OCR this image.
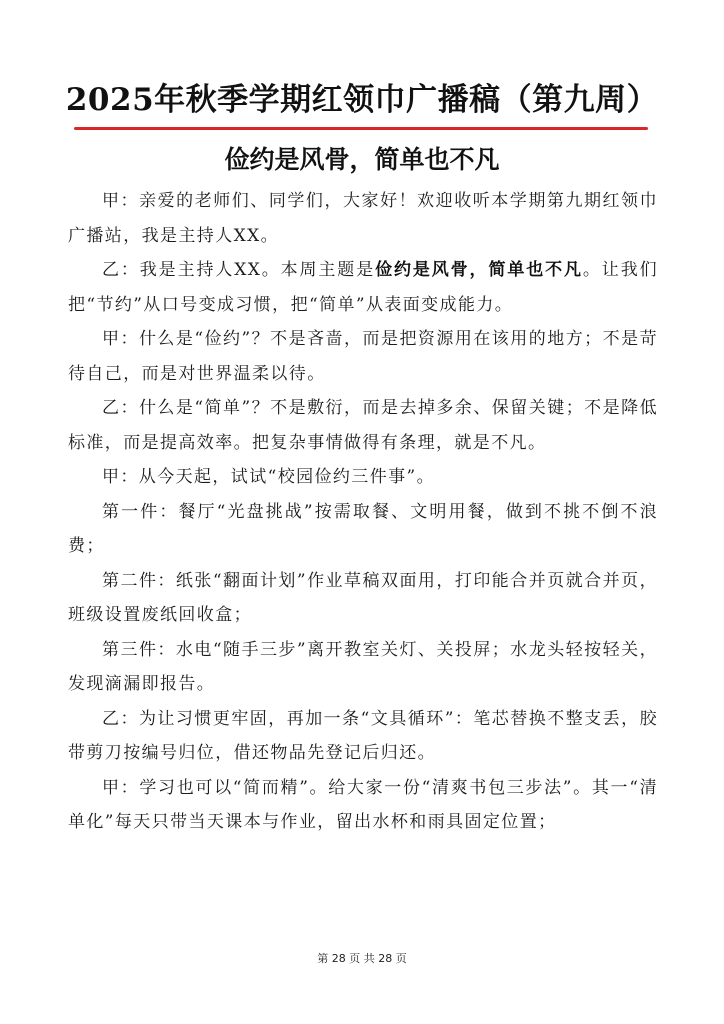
2025年秋季学期红领巾广播稿（第九周）
俭约是风骨，简单也不凡

甲：亲爱的老师们、同学们，大家好！欢迎收听本学期第九期红领巾广播站，我是主持人XX。

乙：我是主持人XX。本周主题是俭约是风骨，简单也不凡。让我们把“节约”从口号变成习惯，把“简单”从表面变成能力。

甲：什么是“俭约”？不是吝啬，而是把资源用在该用的地方；不是苛待自己，而是对世界温柔以待。

乙：什么是“简单”？不是敷衍，而是去掉多余、保留关键；不是降低标准，而是提高效率。把复杂事情做得有条理，就是不凡。

甲：从今天起，试试“校园俭约三件事”。

第一件：餐厅“光盘挑战”按需取餐、文明用餐，做到不挑不倒不浪费；

第二件：纸张“翻面计划”作业草稿双面用，打印能合并页就合并页，班级设置废纸回收盒；

第三件：水电“随手三步”离开教室关灯、关投屏；水龙头轻按轻关，发现滴漏即报告。

乙：为让习惯更牢固，再加一条“文具循环”：笔芯替换不整支丢，胶带剪刀按编号归位，借还物品先登记后归还。

甲：学习也可以“简而精”。给大家一份“清爽书包三步法”。其一“清单化”每天只带当天课本与作业，留出水杯和雨具固定位置；

第 28 页 共 28 页
